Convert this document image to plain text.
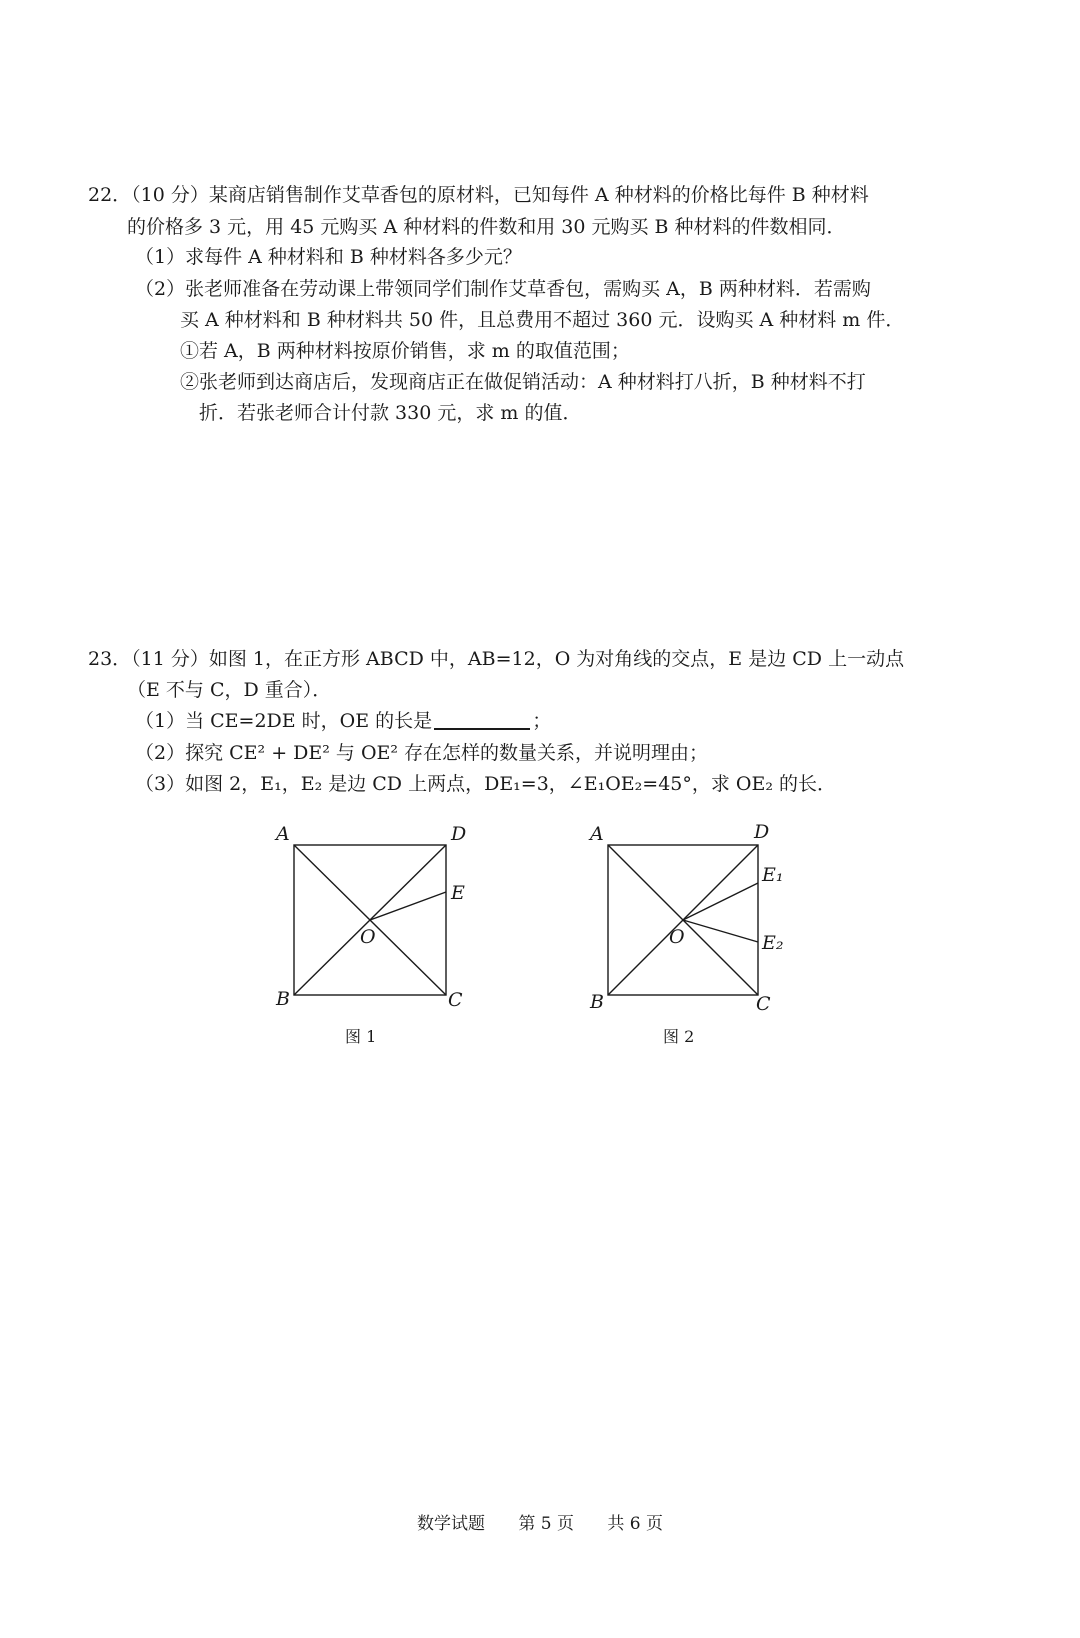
22．（10 分）某商店销售制作艾草香包的原材料，已知每件 A 种材料的价格比每件 B 种材料
的价格多 3 元，用 45 元购买 A 种材料的件数和用 30 元购买 B 种材料的件数相同．
（1）求每件 A 种材料和 B 种材料各多少元？
（2）张老师准备在劳动课上带领同学们制作艾草香包，需购买 A，B 两种材料．若需购
买 A 种材料和 B 种材料共 50 件，且总费用不超过 360 元．设购买 A 种材料 m 件．
①若 A，B 两种材料按原价销售，求 m 的取值范围；
②张老师到达商店后，发现商店正在做促销活动：A 种材料打八折，B 种材料不打
折．若张老师合计付款 330 元，求 m 的值．
23．（11 分）如图 1，在正方形 ABCD 中，AB=12，O 为对角线的交点，E 是边 CD 上一动点
（E 不与 C，D 重合）．
（1）当 CE=2DE 时，OE 的长是	；
（2）探究 CE² + DE² 与 OE² 存在怎样的数量关系，并说明理由；
（3）如图 2，E₁，E₂ 是边 CD 上两点，DE₁=3，∠E₁OE₂=45°，求 OE₂ 的长．
A	D
E
O
B	C
图 1
A	D
E₁
O	E₂
B	C
图 2
数学试题 第 5 页 共 6 页
